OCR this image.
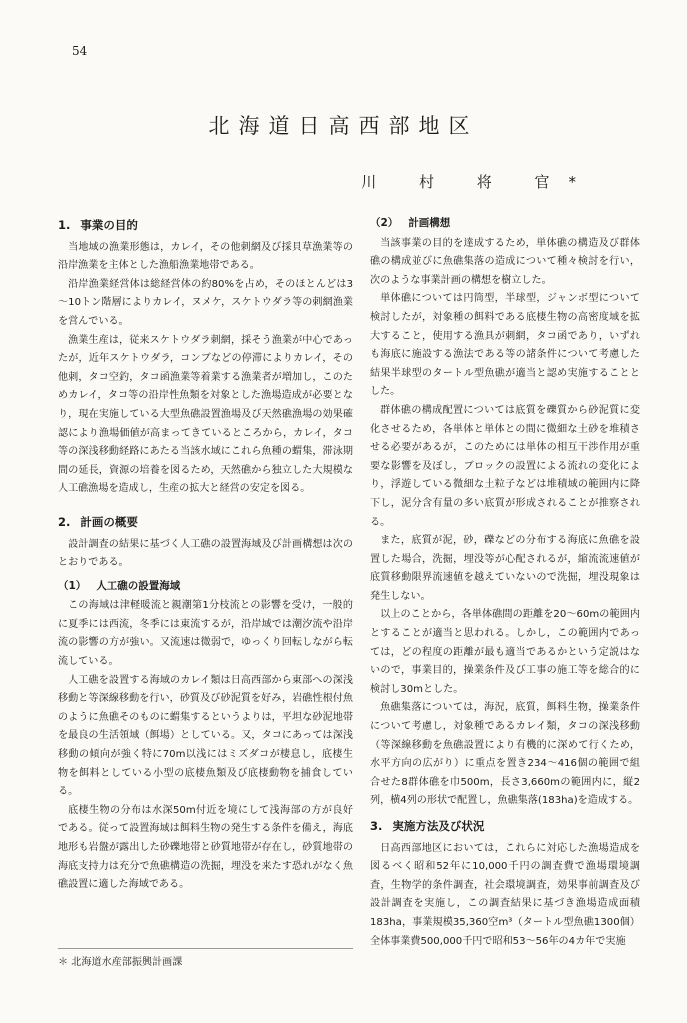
54
北海道日高西部地区
川 村 将 官*
1. 事業の目的

当地域の漁業形態は，カレイ，その他刺網及び採貝草漁業等の沿岸漁業を主体とした漁船漁業地帯である。

沿岸漁業経営体は総経営体の約80%を占め，そのほとんどは3～10トン階層によりカレイ，ヌメケ，スケトウダラ等の刺網漁業を営んでいる。

漁業生産は，従来スケトウダラ刺網，採そう漁業が中心であったが，近年スケトウダラ，コンブなどの停滞によりカレイ，その他刺，タコ空釣，タコ函漁業等着業する漁業者が増加し，このためカレイ，タコ等の沿岸性魚類を対象とした漁場造成が必要となり，現在実施している大型魚礁設置漁場及び天然礁漁場の効果確認により漁場価値が高まってきているところから，カレイ，タコ等の深浅移動経路にあたる当該水域にこれら魚種の蝟集，滞泳期間の延長，資源の培養を図るため，天然礁から独立した大規模な人工礁漁場を造成し，生産の拡大と経営の安定を図る。

2. 計画の概要

設計調査の結果に基づく人工礁の設置海域及び計画構想は次のとおりである。

（1） 人工礁の設置海域

この海域は津軽暖流と親潮第1分枝流との影響を受け，一般的に夏季には西流，冬季には東流するが，沿岸域では潮汐流や沿岸流の影響の方が強い。又流速は微弱で，ゆっくり回転しながら転流している。

人工礁を設置する海域のカレイ類は日高西部から東部への深浅移動と等深線移動を行い，砂質及び砂泥質を好み，岩礁性根付魚のように魚礁そのものに蝟集するというよりは，平坦な砂泥地帯を最良の生活領域（餌場）としている。又，タコにあっては深浅移動の傾向が強く特に70m以浅にはミズダコが棲息し，底棲生物を餌料としている小型の底棲魚類及び底棲動物を捕食している。

底棲生物の分布は水深50m付近を境にして浅海部の方が良好である。従って設置海域は餌料生物の発生する条件を備え，海底地形も岩盤が露出した砂礫地帯と砂質地帯が存在し，砂質地帯の海底支持力は充分で魚礁構造の洗掘，埋没を来たす恐れがなく魚礁設置に適した海域である。

（2） 計画構想

当該事業の目的を達成するため，単体礁の構造及び群体礁の構成並びに魚礁集落の造成について種々検討を行い，次のような事業計画の構想を樹立した。

単体礁については円筒型，半球型，ジャンボ型について検討したが，対象種の餌料である底棲生物の高密度域を拡大すること，使用する漁具が刺網，タコ函であり，いずれも海底に施設する漁法である等の諸条件について考慮した結果半球型のタートル型魚礁が適当と認め実施することとした。

群体礁の構成配置については底質を礫質から砂泥質に変化させるため，各単体と単体との間に微細な土砂を堆積させる必要があるが，このためには単体の相互干渉作用が重要な影響を及ぼし，ブロックの設置による流れの変化により，浮遊している微細な土粒子などは堆積域の範囲内に降下し，泥分含有量の多い底質が形成されることが推察される。

また，底質が泥，砂，礫などの分布する海底に魚礁を設置した場合，洗掘，埋没等が心配されるが，縮流流速値が底質移動限界流速値を越えていないので洗掘，埋没現象は発生しない。

以上のことから，各単体礁間の距離を20～60mの範囲内とすることが適当と思われる。しかし，この範囲内であっては，どの程度の距離が最も適当であるかという定説はないので，事業目的，操業条件及び工事の施工等を総合的に検討し30mとした。

魚礁集落については，海況，底質，餌料生物，操業条件について考慮し，対象種であるカレイ類，タコの深浅移動（等深線移動を魚礁設置により有機的に深めて行くため，水平方向の広がり）に重点を置き234～416個の範囲で組合せた8群体礁を巾500m，長さ3,660mの範囲内に，縦2列，横4列の形状で配置し，魚礁集落(183ha)を造成する。

3. 実施方法及び状況

日高西部地区においては，これらに対応した漁場造成を図るべく昭和52年に10,000千円の調査費で漁場環境調査，生物学的条件調査，社会環境調査，効果事前調査及び設計調査を実施し，この調査結果に基づき漁場造成面積183ha，事業規模35,360空m³（タートル型魚礁1300個）全体事業費500,000千円で昭和53～56年の4カ年で実施

＊ 北海道水産部振興計画課
